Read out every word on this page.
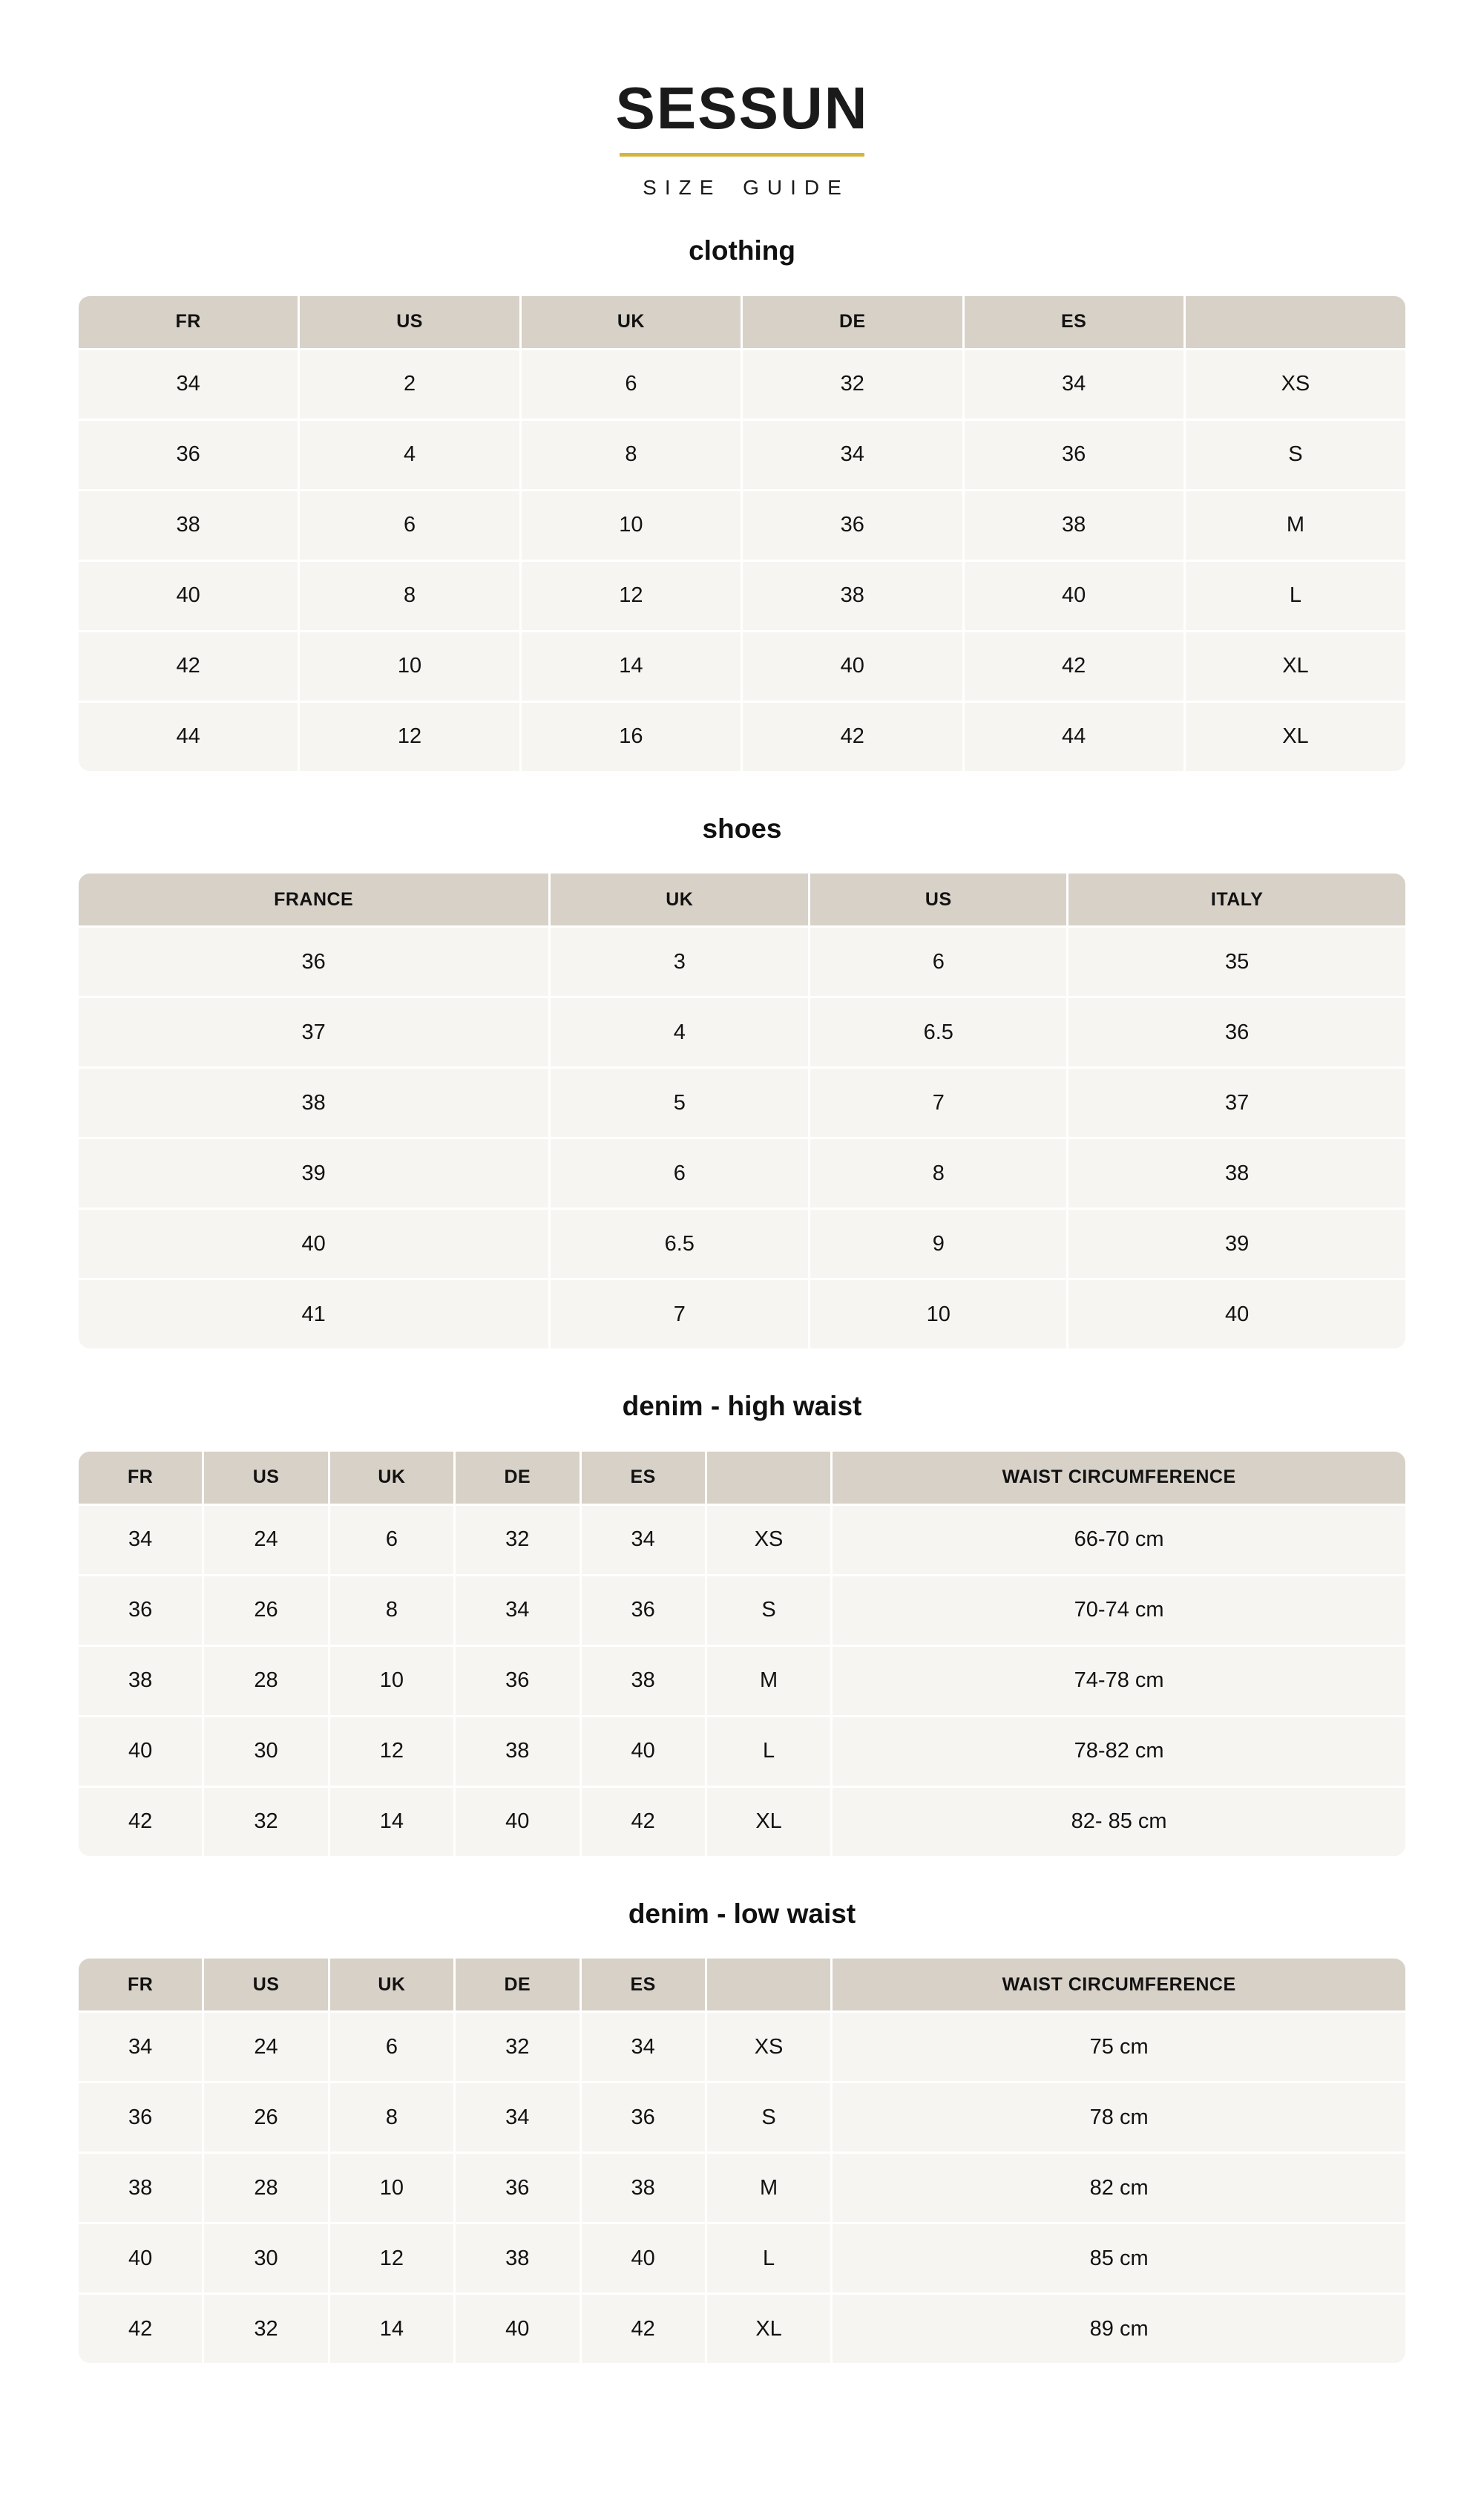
SESSUN
SIZE GUIDE
clothing
FR	US	UK	DE	ES	
34	2	6	32	34	XS
36	4	8	34	36	S
38	6	10	36	38	M
40	8	12	38	40	L
42	10	14	40	42	XL
44	12	16	42	44	XL
shoes
FRANCE	UK	US	ITALY
36	3	6	35
37	4	6.5	36
38	5	7	37
39	6	8	38
40	6.5	9	39
41	7	10	40
denim - high waist
FR	US	UK	DE	ES		WAIST CIRCUMFERENCE
34	24	6	32	34	XS	66-70 cm
36	26	8	34	36	S	70-74 cm
38	28	10	36	38	M	74-78 cm
40	30	12	38	40	L	78-82 cm
42	32	14	40	42	XL	82- 85 cm
denim - low waist
FR	US	UK	DE	ES		WAIST CIRCUMFERENCE
34	24	6	32	34	XS	75 cm
36	26	8	34	36	S	78 cm
38	28	10	36	38	M	82 cm
40	30	12	38	40	L	85 cm
42	32	14	40	42	XL	89 cm
